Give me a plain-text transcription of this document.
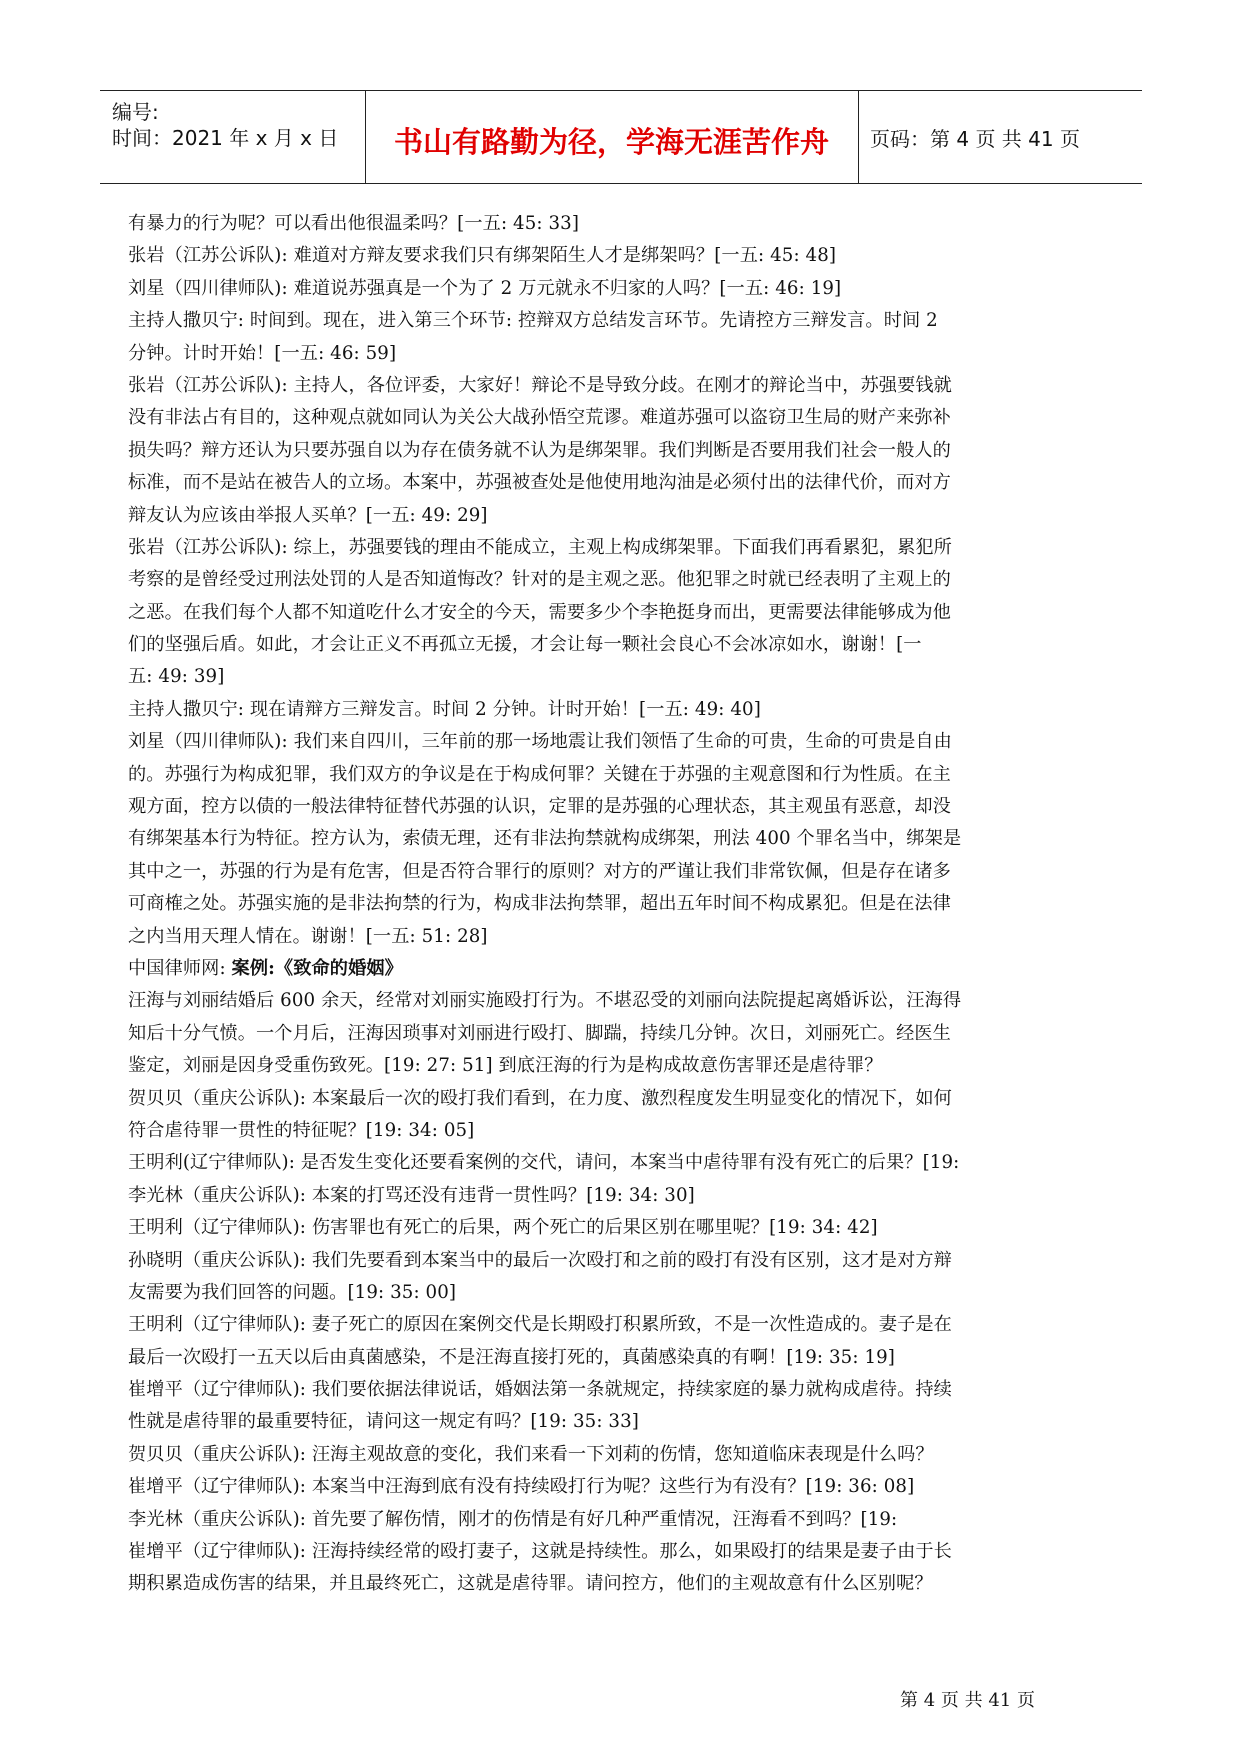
编号:
时间：2021 年 x 月 x 日	书山有路勤为径，学海无涯苦作舟	页码：第 4 页 共 41 页
有暴力的行为呢？可以看出他很温柔吗？[一五: 45: 33]
张岩（江苏公诉队): 难道对方辩友要求我们只有绑架陌生人才是绑架吗？[一五: 45: 48]
刘星（四川律师队): 难道说苏强真是一个为了 2 万元就永不归家的人吗？[一五: 46: 19]
主持人撒贝宁: 时间到。现在，进入第三个环节: 控辩双方总结发言环节。先请控方三辩发言。时间 2
分钟。计时开始！[一五: 46: 59]
张岩（江苏公诉队): 主持人，各位评委，大家好！辩论不是导致分歧。在刚才的辩论当中，苏强要钱就
没有非法占有目的，这种观点就如同认为关公大战孙悟空荒谬。难道苏强可以盗窃卫生局的财产来弥补
损失吗？辩方还认为只要苏强自以为存在债务就不认为是绑架罪。我们判断是否要用我们社会一般人的
标准，而不是站在被告人的立场。本案中，苏强被查处是他使用地沟油是必须付出的法律代价，而对方
辩友认为应该由举报人买单？[一五: 49: 29]
张岩（江苏公诉队): 综上，苏强要钱的理由不能成立，主观上构成绑架罪。下面我们再看累犯，累犯所
考察的是曾经受过刑法处罚的人是否知道悔改？针对的是主观之恶。他犯罪之时就已经表明了主观上的
之恶。在我们每个人都不知道吃什么才安全的今天，需要多少个李艳挺身而出，更需要法律能够成为他
们的坚强后盾。如此，才会让正义不再孤立无援，才会让每一颗社会良心不会冰凉如水，谢谢！[一
五: 49: 39]
主持人撒贝宁: 现在请辩方三辩发言。时间 2 分钟。计时开始！[一五: 49: 40]
刘星（四川律师队): 我们来自四川，三年前的那一场地震让我们领悟了生命的可贵，生命的可贵是自由
的。苏强行为构成犯罪，我们双方的争议是在于构成何罪？关键在于苏强的主观意图和行为性质。在主
观方面，控方以债的一般法律特征替代苏强的认识，定罪的是苏强的心理状态，其主观虽有恶意，却没
有绑架基本行为特征。控方认为，索债无理，还有非法拘禁就构成绑架，刑法 400 个罪名当中，绑架是
其中之一，苏强的行为是有危害，但是否符合罪行的原则？对方的严谨让我们非常钦佩，但是存在诸多
可商榷之处。苏强实施的是非法拘禁的行为，构成非法拘禁罪，超出五年时间不构成累犯。但是在法律
之内当用天理人情在。谢谢！[一五: 51: 28]
中国律师网: 案例:《致命的婚姻》
汪海与刘丽结婚后 600 余天，经常对刘丽实施殴打行为。不堪忍受的刘丽向法院提起离婚诉讼，汪海得
知后十分气愤。一个月后，汪海因琐事对刘丽进行殴打、脚踹，持续几分钟。次日，刘丽死亡。经医生
鉴定，刘丽是因身受重伤致死。[19: 27: 51] 到底汪海的行为是构成故意伤害罪还是虐待罪？
贺贝贝（重庆公诉队): 本案最后一次的殴打我们看到，在力度、激烈程度发生明显变化的情况下，如何
符合虐待罪一贯性的特征呢？[19: 34: 05]
王明利(辽宁律师队): 是否发生变化还要看案例的交代，请问，本案当中虐待罪有没有死亡的后果？[19:
李光林（重庆公诉队): 本案的打骂还没有违背一贯性吗？[19: 34: 30]
王明利（辽宁律师队): 伤害罪也有死亡的后果，两个死亡的后果区别在哪里呢？[19: 34: 42]
孙晓明（重庆公诉队): 我们先要看到本案当中的最后一次殴打和之前的殴打有没有区别，这才是对方辩
友需要为我们回答的问题。[19: 35: 00]
王明利（辽宁律师队): 妻子死亡的原因在案例交代是长期殴打积累所致，不是一次性造成的。妻子是在
最后一次殴打一五天以后由真菌感染，不是汪海直接打死的，真菌感染真的有啊！[19: 35: 19]
崔增平（辽宁律师队): 我们要依据法律说话，婚姻法第一条就规定，持续家庭的暴力就构成虐待。持续
性就是虐待罪的最重要特征，请问这一规定有吗？[19: 35: 33]
贺贝贝（重庆公诉队): 汪海主观故意的变化，我们来看一下刘莉的伤情，您知道临床表现是什么吗？
崔增平（辽宁律师队): 本案当中汪海到底有没有持续殴打行为呢？这些行为有没有？[19: 36: 08]
李光林（重庆公诉队): 首先要了解伤情，刚才的伤情是有好几种严重情况，汪海看不到吗？[19:
崔增平（辽宁律师队): 汪海持续经常的殴打妻子，这就是持续性。那么，如果殴打的结果是妻子由于长
期积累造成伤害的结果，并且最终死亡，这就是虐待罪。请问控方，他们的主观故意有什么区别呢？
第 4 页 共 41 页
